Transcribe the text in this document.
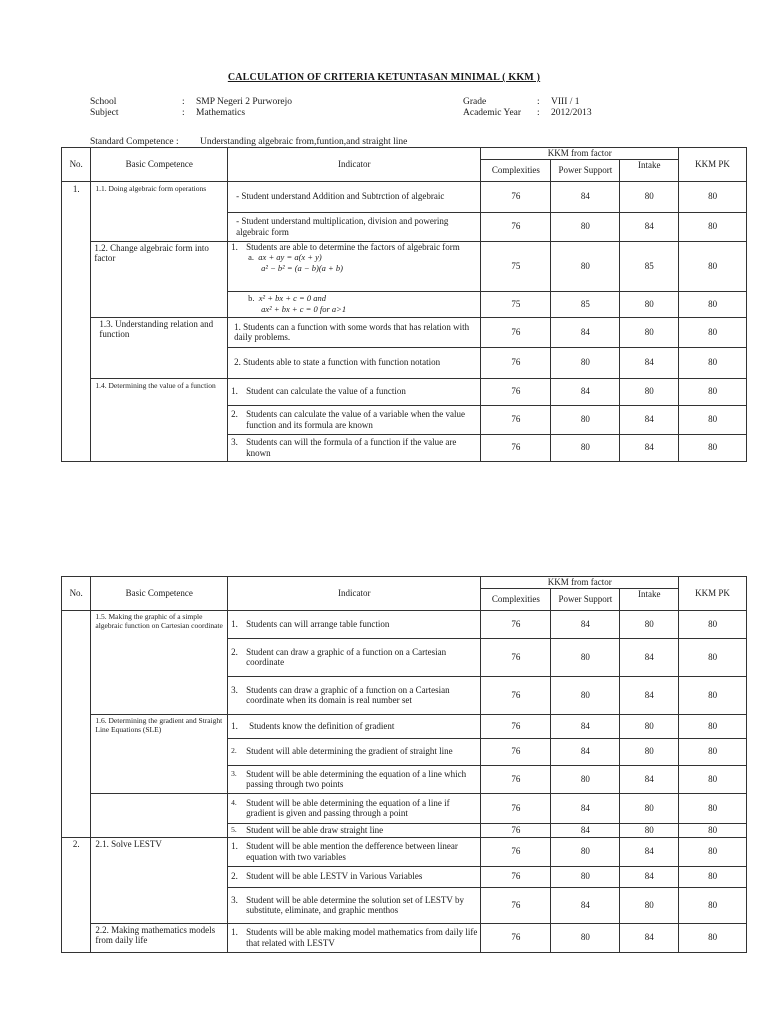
CALCULATION OF CRITERIA KETUNTASAN MINIMAL ( KKM )
School	: SMP Negeri 2 Purworejo
Subject	: Mathematics
Grade	: VIII / 1
Academic Year : 2012/2013
Standard Competence : Understanding algebraic from,funtion,and straight line
No.	Basic Competence	Indicator	KKM from factor			KKM PK
			Complexities	Power Support	Intake	
1.	1.1. Doing algebraic form operations	- Student understand Addition and Subtrction of algebraic	76	84	80	80
		- Student understand multiplication, division and powering algebraic form	76	80	84	80
	1.2. Change algebraic form into factor	1. Students are able to determine the factors of algebraic form
a. ax + ay = a(x + y)
a² − b² = (a − b)(a + b)	75	80	85	80

		b. x² + bx + c = 0 and
ax² + bx + c = 0 for a>1	75	85	80	80
	1.3. Understanding relation and function	1. Students can a function with some words that has relation with daily problems.	76	84	80	80
		2. Students able to state a function with function notation	76	80	84	80
	1.4. Determining the value of a function	1. Student can calculate the value of a function	76	84	80	80

		2. Students can calculate the value of a variable when the value function and its formula are known	76	80	84	80

		3. Students can will the formula of a function if the value are known	76	80	84	80
No.	Basic Competence	Indicator	KKM from factor			KKM PK
			Complexities	Power Support	Intake	
	1.5. Making the graphic of a simple algebraic function on Cartesian coordinate	1. Students can will arrange table function	76	84	80	80

		2. Student can draw a graphic of a function on a Cartesian coordinate	76	80	84	80

		3. Students can draw a graphic of a function on a Cartesian coordinate when its domain is real number set	76	80	84	80
	1.6. Determining the gradient and Straight Line Equations (SLE)	1. Students know the definition of gradient	76	84	80	80

		2. Student will able determining the gradient of straight line	76	84	80	80

		3. Student will be able determining the equation of a line which passing through two points	76	80	84	80

		4. Student will be able determining the equation of a line if gradient is given and passing through a point	76	84	80	80

		5. Student will be able draw straight line	76	84	80	80
2.	2.1. Solve LESTV	1. Student will be able mention the defference between linear equation with two variables	76	80	84	80

		2. Student will be able LESTV in Various Variables	76	80	84	80

		3. Student will be able determine the solution set of LESTV by substitute, eliminate, and graphic menthos	76	84	80	80
	2.2. Making mathematics models from daily life	1. Students will be able making model mathematics from daily life that related with LESTV	76	80	84	80
